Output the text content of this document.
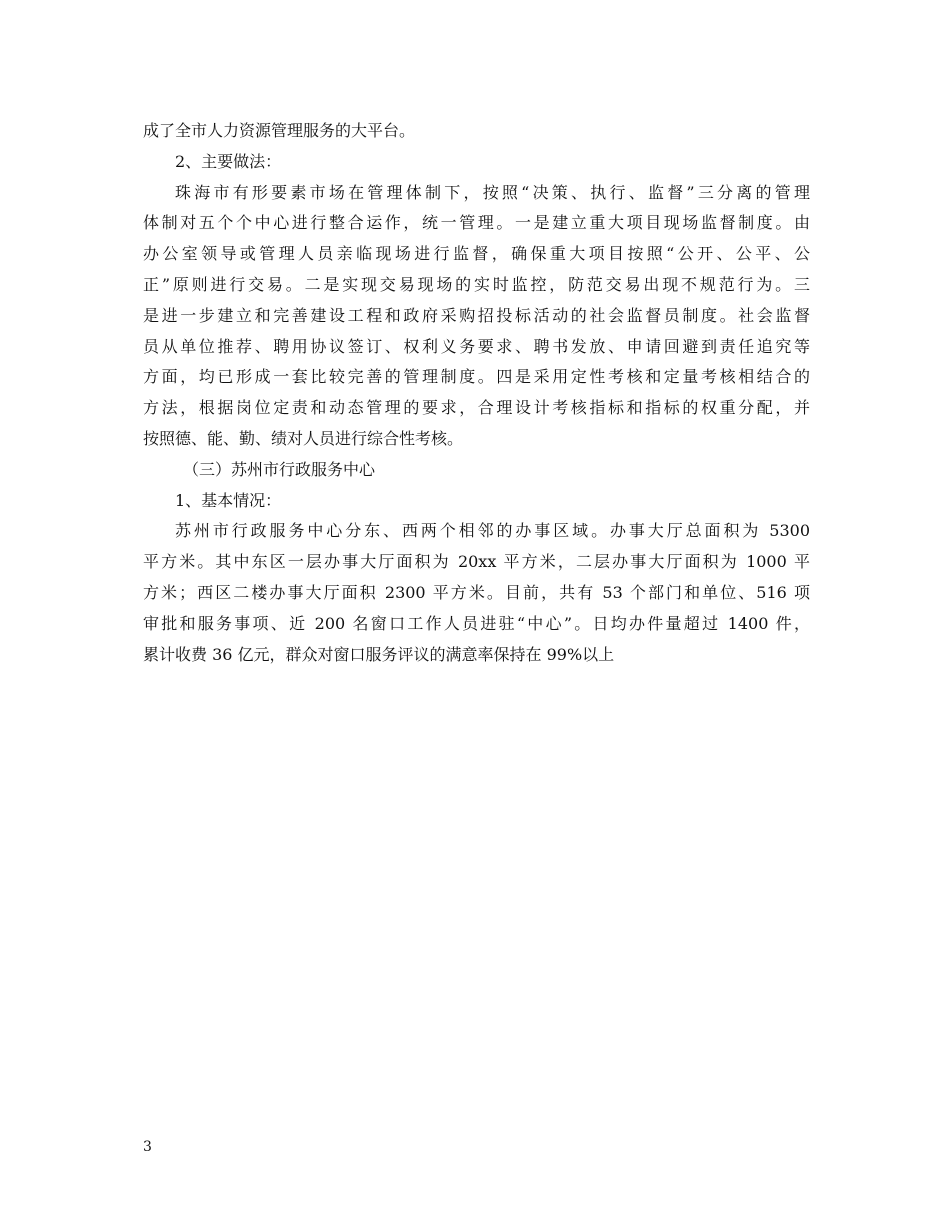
成了全市人力资源管理服务的大平台。
2、主要做法：
珠海市有形要素市场在管理体制下，按照“决策、执行、监督”三分离的管理
体制对五个个中心进行整合运作，统一管理。一是建立重大项目现场监督制度。由
办公室领导或管理人员亲临现场进行监督，确保重大项目按照“公开、公平、公
正”原则进行交易。二是实现交易现场的实时监控，防范交易出现不规范行为。三
是进一步建立和完善建设工程和政府采购招投标活动的社会监督员制度。社会监督
员从单位推荐、聘用协议签订、权利义务要求、聘书发放、申请回避到责任追究等
方面，均已形成一套比较完善的管理制度。四是采用定性考核和定量考核相结合的
方法，根据岗位定责和动态管理的要求，合理设计考核指标和指标的权重分配，并
按照德、能、勤、绩对人员进行综合性考核。
（三）苏州市行政服务中心
1、基本情况：
苏州市行政服务中心分东、西两个相邻的办事区域。办事大厅总面积为 5300
平方米。其中东区一层办事大厅面积为 20xx 平方米，二层办事大厅面积为 1000 平
方米；西区二楼办事大厅面积 2300 平方米。目前，共有 53 个部门和单位、516 项
审批和服务事项、近 200 名窗口工作人员进驻“中心”。日均办件量超过 1400 件，
累计收费 36 亿元，群众对窗口服务评议的满意率保持在 99%以上
3
